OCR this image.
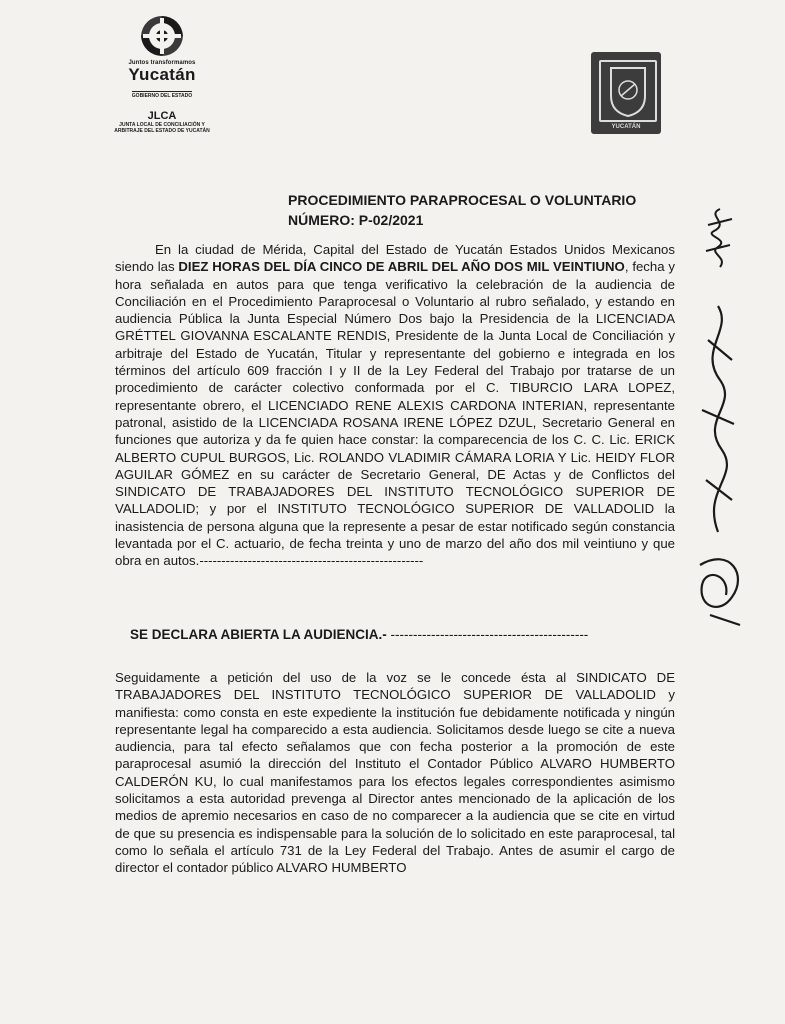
Juntos transformamos
Yucatán
GOBIERNO DEL ESTADO
JLCA
JUNTA LOCAL DE CONCILIACIÓN Y ARBITRAJE DEL ESTADO DE YUCATÁN
YUCATÁN
PROCEDIMIENTO PARAPROCESAL O VOLUNTARIO
NÚMERO: P-02/2021
En la ciudad de Mérida, Capital del Estado de Yucatán Estados Unidos Mexicanos siendo las DIEZ HORAS DEL DÍA CINCO DE ABRIL DEL AÑO DOS MIL VEINTIUNO, fecha y hora señalada en autos para que tenga verificativo la celebración de la audiencia de Conciliación en el Procedimiento Paraprocesal o Voluntario al rubro señalado, y estando en audiencia Pública la Junta Especial Número Dos bajo la Presidencia de la LICENCIADA GRÉTTEL GIOVANNA ESCALANTE RENDIS, Presidente de la Junta Local de Conciliación y arbitraje del Estado de Yucatán, Titular y representante del gobierno e integrada en los términos del artículo 609 fracción I y II de la Ley Federal del Trabajo por tratarse de un procedimiento de carácter colectivo conformada por el C. TIBURCIO LARA LOPEZ, representante obrero, el LICENCIADO RENE ALEXIS CARDONA INTERIAN, representante patronal, asistido de la LICENCIADA ROSANA IRENE LÓPEZ DZUL, Secretario General en funciones que autoriza y da fe quien hace constar: la comparecencia de los C. C. Lic. ERICK ALBERTO CUPUL BURGOS, Lic. ROLANDO VLADIMIR CÁMARA LORIA Y Lic. HEIDY FLOR AGUILAR GÓMEZ en su carácter de Secretario General, DE Actas y de Conflictos del SINDICATO DE TRABAJADORES DEL INSTITUTO TECNOLÓGICO SUPERIOR DE VALLADOLID; y por el INSTITUTO TECNOLÓGICO SUPERIOR DE VALLADOLID la inasistencia de persona alguna que la represente a pesar de estar notificado según constancia levantada por el C. actuario, de fecha treinta y uno de marzo del año dos mil veintiuno y que obra en autos.---------------------------------------------------
SE DECLARA ABIERTA LA AUDIENCIA.- --------------------------------------------
Seguidamente a petición del uso de la voz se le concede ésta al SINDICATO DE TRABAJADORES DEL INSTITUTO TECNOLÓGICO SUPERIOR DE VALLADOLID y manifiesta: como consta en este expediente la institución fue debidamente notificada y ningún representante legal ha comparecido a esta audiencia. Solicitamos desde luego se cite a nueva audiencia, para tal efecto señalamos que con fecha posterior a la promoción de este paraprocesal asumió la dirección del Instituto el Contador Público ALVARO HUMBERTO CALDERÓN KU, lo cual manifestamos para los efectos legales correspondientes asimismo solicitamos a esta autoridad prevenga al Director antes mencionado de la aplicación de los medios de apremio necesarios en caso de no comparecer a la audiencia que se cite en virtud de que su presencia es indispensable para la solución de lo solicitado en este paraprocesal, tal como lo señala el artículo 731 de la Ley Federal del Trabajo. Antes de asumir el cargo de director el contador público ALVARO HUMBERTO
